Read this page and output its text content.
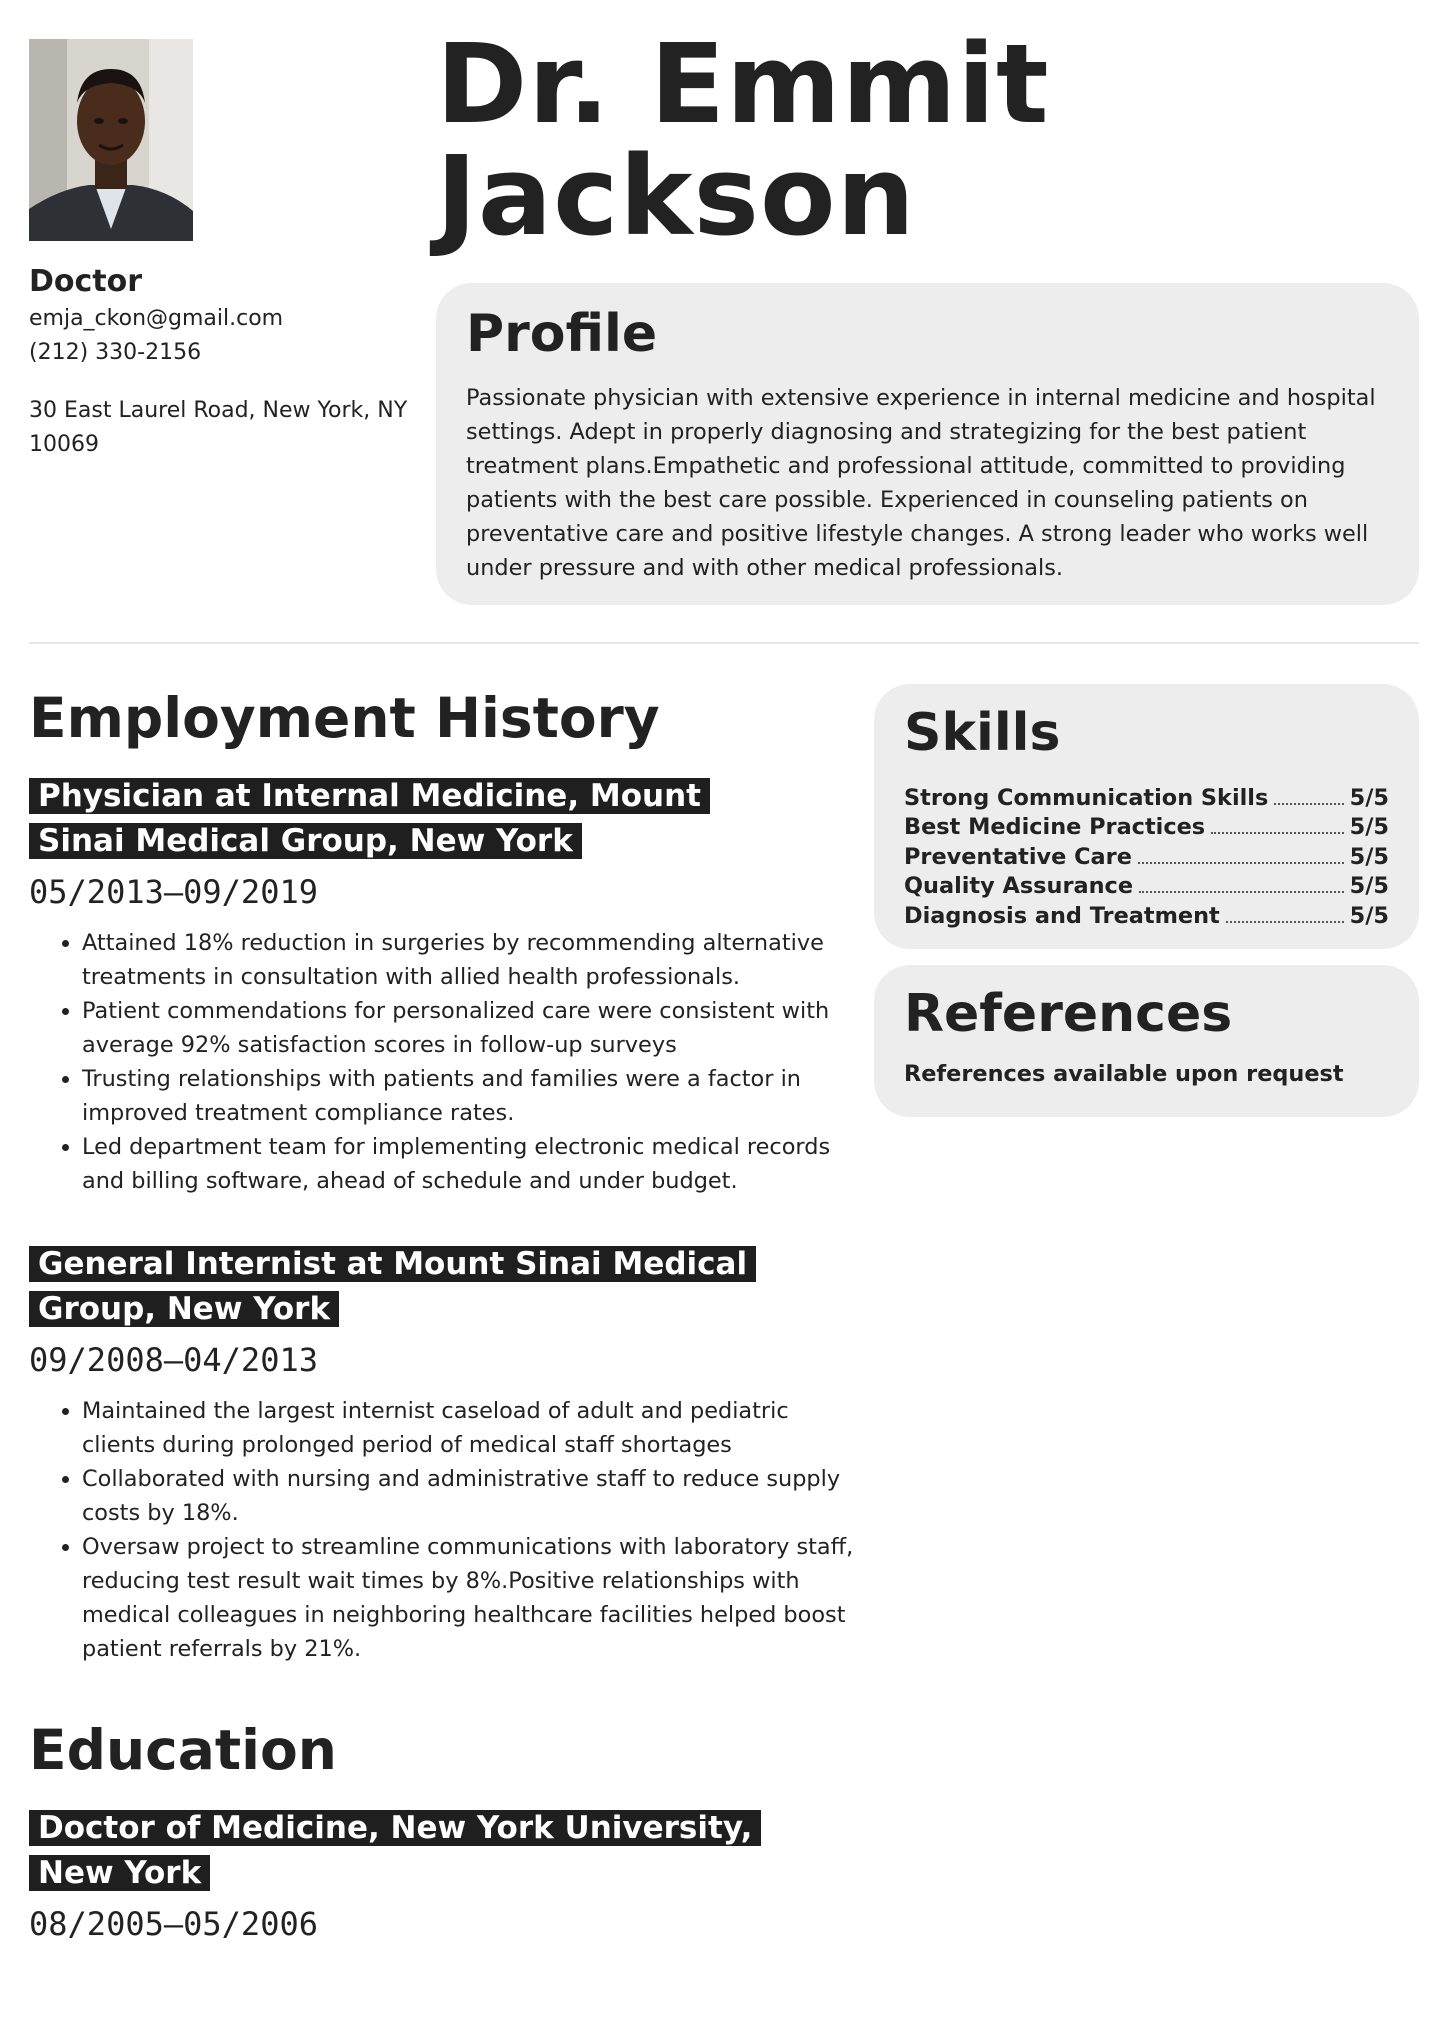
Doctor
emja_ckon@gmail.com
(212) 330-2156
30 East Laurel Road, New York, NY
10069
Dr. Emmit
Jackson
Profile
Passionate physician with extensive experience in internal medicine and hospital settings. Adept in properly diagnosing and strategizing for the best patient treatment plans.Empathetic and professional attitude, committed to providing patients with the best care possible. Experienced in counseling patients on preventative care and positive lifestyle changes. A strong leader who works well under pressure and with other medical professionals.
Employment History
Physician at Internal Medicine, Mount Sinai Medical Group, New York
05/2013—09/2019
• Attained 18% reduction in surgeries by recommending alternative treatments in consultation with allied health professionals.
• Patient commendations for personalized care were consistent with average 92% satisfaction scores in follow-up surveys
• Trusting relationships with patients and families were a factor in improved treatment compliance rates.
• Led department team for implementing electronic medical records and billing software, ahead of schedule and under budget.
General Internist at Mount Sinai Medical Group, New York
09/2008—04/2013
• Maintained the largest internist caseload of adult and pediatric clients during prolonged period of medical staff shortages
• Collaborated with nursing and administrative staff to reduce supply costs by 18%.
• Oversaw project to streamline communications with laboratory staff, reducing test result wait times by 8%.Positive relationships with medical colleagues in neighboring healthcare facilities helped boost patient referrals by 21%.
Education
Doctor of Medicine, New York University, New York
08/2005—05/2006
Skills
Strong Communication Skills	5/5
Best Medicine Practices	5/5
Preventative Care	5/5
Quality Assurance	5/5
Diagnosis and Treatment	5/5
References
References available upon request
